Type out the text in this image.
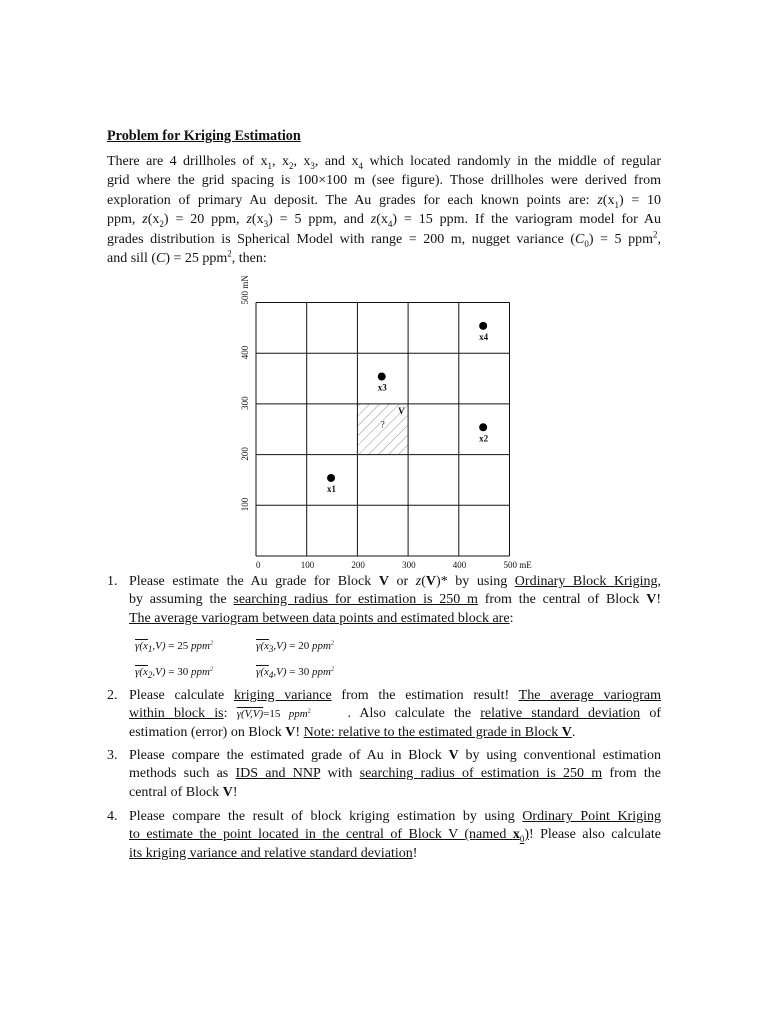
Problem for Kriging Estimation
There are 4 drillholes of $x_1$, $x_2$, $x_3$, and $x_4$ which located randomly in the middle of regular
grid where the grid spacing is 100×100 m (see figure). Those drillholes were derived from
exploration of primary Au deposit. The Au grades for each known points are: $z(x_1) = 10$
ppm, $z(x_2) = 20$ ppm, $z(x_3) = 5$ ppm, and $z(x_4) = 15$ ppm. If the variogram model for Au
grades distribution is Spherical Model with range = 200 m, nugget variance $(C_0) = 5$ ppm$^2$,
and sill (C) = 25 ppm$^2$, then:
0	100	200	300	400	500 mE
100
200
300
400
500 mN
V
?
x1
x2
x3
x4
1. Please estimate the Au grade for Block V or z(V)* by using Ordinary Block Kriging,
by assuming the searching radius for estimation is 250 m from the central of Block V!
The average variogram between data points and estimated block are:
$\gamma(x_1,V) = 25$ ppm$^2$	$\gamma(x_3,V) = 20$ ppm$^2$
$\gamma(x_2,V) = 30$ ppm$^2$	$\gamma(x_4,V) = 30$ ppm$^2$
2. Please calculate kriging variance from the estimation result! The average variogram
within block is: γ(V,V)=15 ppm$^2$	. Also calculate the relative standard deviation of
estimation (error) on Block V! Note: relative to the estimated grade in Block V.
3. Please compare the estimated grade of Au in Block V by using conventional estimation
methods such as IDS and NNP with searching radius of estimation is 250 m from the
central of Block V!
4. Please compare the result of block kriging estimation by using Ordinary Point Kriging
to estimate the point located in the central of Block V (named $x_0$)! Please also calculate
its kriging variance and relative standard deviation!
